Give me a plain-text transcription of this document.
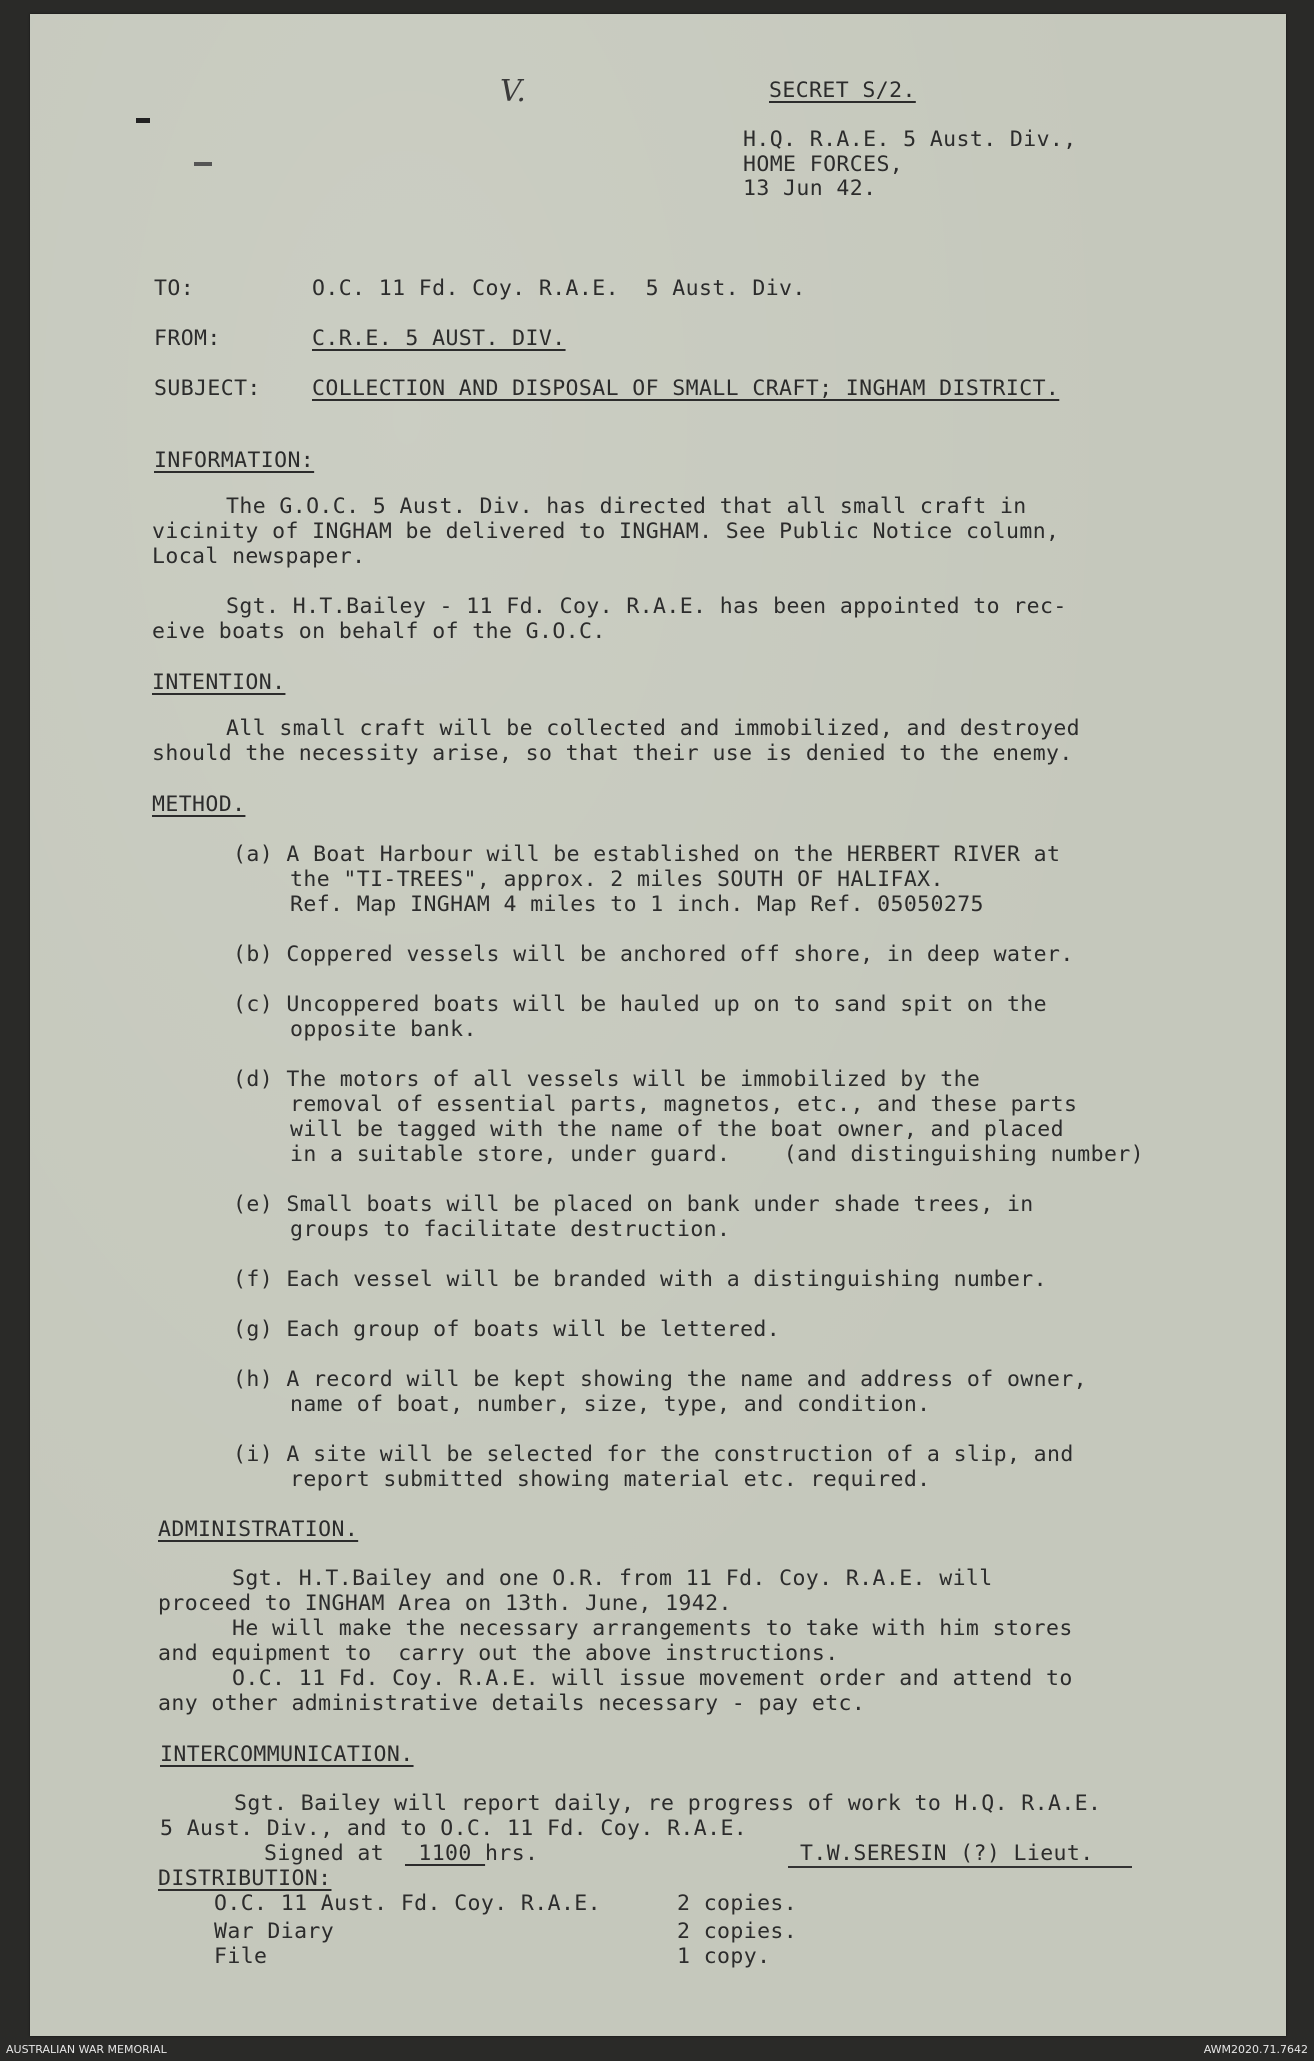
V.	SECRET S/2.
H.Q. R.A.E. 5 Aust. Div.,
HOME FORCES,
13 Jun 42.
TO:	O.C. 11 Fd. Coy. R.A.E.  5 Aust. Div.
FROM:	C.R.E. 5 AUST. DIV.
SUBJECT: COLLECTION AND DISPOSAL OF SMALL CRAFT; INGHAM DISTRICT.
INFORMATION:
The G.O.C. 5 Aust. Div. has directed that all small craft in
vicinity of INGHAM be delivered to INGHAM. See Public Notice column,
Local newspaper.
Sgt. H.T.Bailey - 11 Fd. Coy. R.A.E. has been appointed to rec-
eive boats on behalf of the G.O.C.
INTENTION.
All small craft will be collected and immobilized, and destroyed
should the necessity arise, so that their use is denied to the enemy.
METHOD.
(a) A Boat Harbour will be established on the HERBERT RIVER at
the "TI-TREES", approx. 2 miles SOUTH OF HALIFAX.
Ref. Map INGHAM 4 miles to 1 inch. Map Ref. 05050275
(b) Coppered vessels will be anchored off shore, in deep water.
(c) Uncoppered boats will be hauled up on to sand spit on the
opposite bank.
(d) The motors of all vessels will be immobilized by the
removal of essential parts, magnetos, etc., and these parts
will be tagged with the name of the boat owner, and placed
in a suitable store, under guard.    (and distinguishing number)
(e) Small boats will be placed on bank under shade trees, in
groups to facilitate destruction.
(f) Each vessel will be branded with a distinguishing number.
(g) Each group of boats will be lettered.
(h) A record will be kept showing the name and address of owner,
name of boat, number, size, type, and condition.
(i) A site will be selected for the construction of a slip, and
report submitted showing material etc. required.
ADMINISTRATION.
Sgt. H.T.Bailey and one O.R. from 11 Fd. Coy. R.A.E. will
proceed to INGHAM Area on 13th. June, 1942.
He will make the necessary arrangements to take with him stores
and equipment to  carry out the above instructions.
O.C. 11 Fd. Coy. R.A.E. will issue movement order and attend to
any other administrative details necessary - pay etc.
INTERCOMMUNICATION.
Sgt. Bailey will report daily, re progress of work to H.Q. R.A.E.
5 Aust. Div., and to O.C. 11 Fd. Coy. R.A.E.
Signed at 1100 hrs.	T.W.SERESIN (?) Lieut.
DISTRIBUTION:
O.C. 11 Aust. Fd. Coy. R.A.E.	2 copies.
War Diary	2 copies.
File	1 copy.
AUSTRALIAN WAR MEMORIAL	AWM2020.71.7642
